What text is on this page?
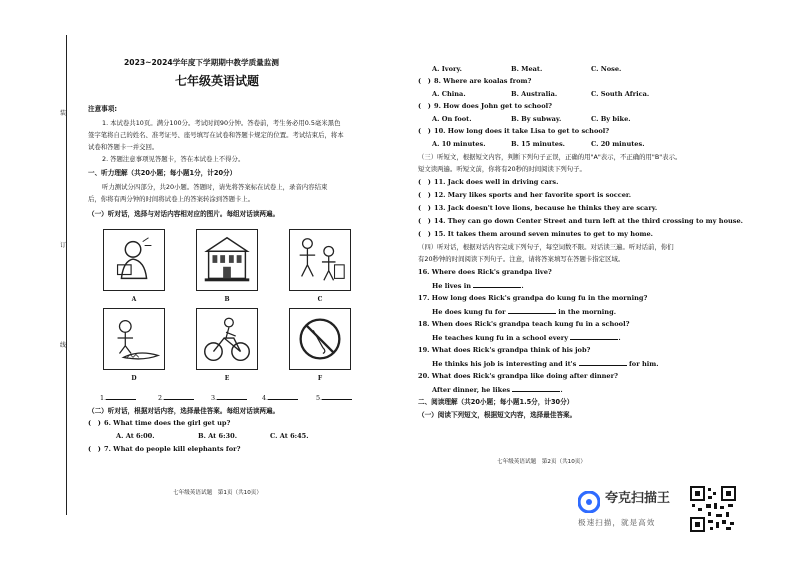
装
订
线
2023~2024学年度下学期期中教学质量监测
七年级英语试题
注意事项:
1. 本试卷共10页。满分100分。考试时间90分钟。答卷前，考生务必用0.5毫米黑色
签字笔将自己的姓名、准考证号、座号填写在试卷和答题卡规定的位置。考试结束后，将本
试卷和答题卡一并交回。
2. 答题注意事项见答题卡，答在本试卷上不得分。
一、听力理解（共20小题；每小题1分，计20分）
听力测试分四部分，共20小题。答题时，请先将答案标在试卷上，录音内容结束
后，你将有两分钟的时间将试卷上的答案转涂到答题卡上。
（一）听对话，选择与对话内容相对应的图片。每组对话读两遍。
A	B	C
D	E	F
1.	2.	3.	4.	5.
（二）听对话，根据对话内容，选择最佳答案。每组对话读两遍。
(　) 6. What time does the girl get up?
A. At 6:00.	B. At 6:30.	C. At 6:45.
(　) 7. What do people kill elephants for?
七年级英语试题　第1页（共10页）
A. Ivory.	B. Meat.	C. Nose.
(　) 8. Where are koalas from?
A. China.	B. Australia.	C. South Africa.
(　) 9. How does John get to school?
A. On foot.	B. By subway.	C. By bike.
(　) 10. How long does it take Lisa to get to school?
A. 10 minutes.	B. 15 minutes.	C. 20 minutes.
（三）听短文，根据短文内容，判断下列句子正误，正确的用"A"表示，不正确的用"B"表示。
短文读两遍。听短文前，你将有20秒的时间阅读下列句子。
(　) 11. Jack does well in driving cars.
(　) 12. Mary likes sports and her favorite sport is soccer.
(　) 13. Jack doesn't love lions, because he thinks they are scary.
(　) 14. They can go down Center Street and turn left at the third crossing to my house.
(　) 15. It takes them around seven minutes to get to my home.
（四）听对话，根据对话内容完成下列句子，每空词数不限。对话读三遍。听对话前，你们
有20秒钟的时间阅读下列句子。注意，请将答案填写在答题卡指定区域。
16. Where does Rick's grandpa live?
He lives in	.
17. How long does Rick's grandpa do kung fu in the morning?
He does kung fu for	in the morning.
18. When does Rick's grandpa teach kung fu in a school?
He teaches kung fu in a school every	.
19. What does Rick's grandpa think of his job?
He thinks his job is interesting and it's	for him.
20. What does Rick's grandpa like doing after dinner?
After dinner, he likes	.
二、阅读理解（共20小题；每小题1.5分，计30分）
（一）阅读下列短文，根据短文内容，选择最佳答案。
七年级英语试题　第2页（共10页）
夸克扫描王
极速扫描，就是高效
